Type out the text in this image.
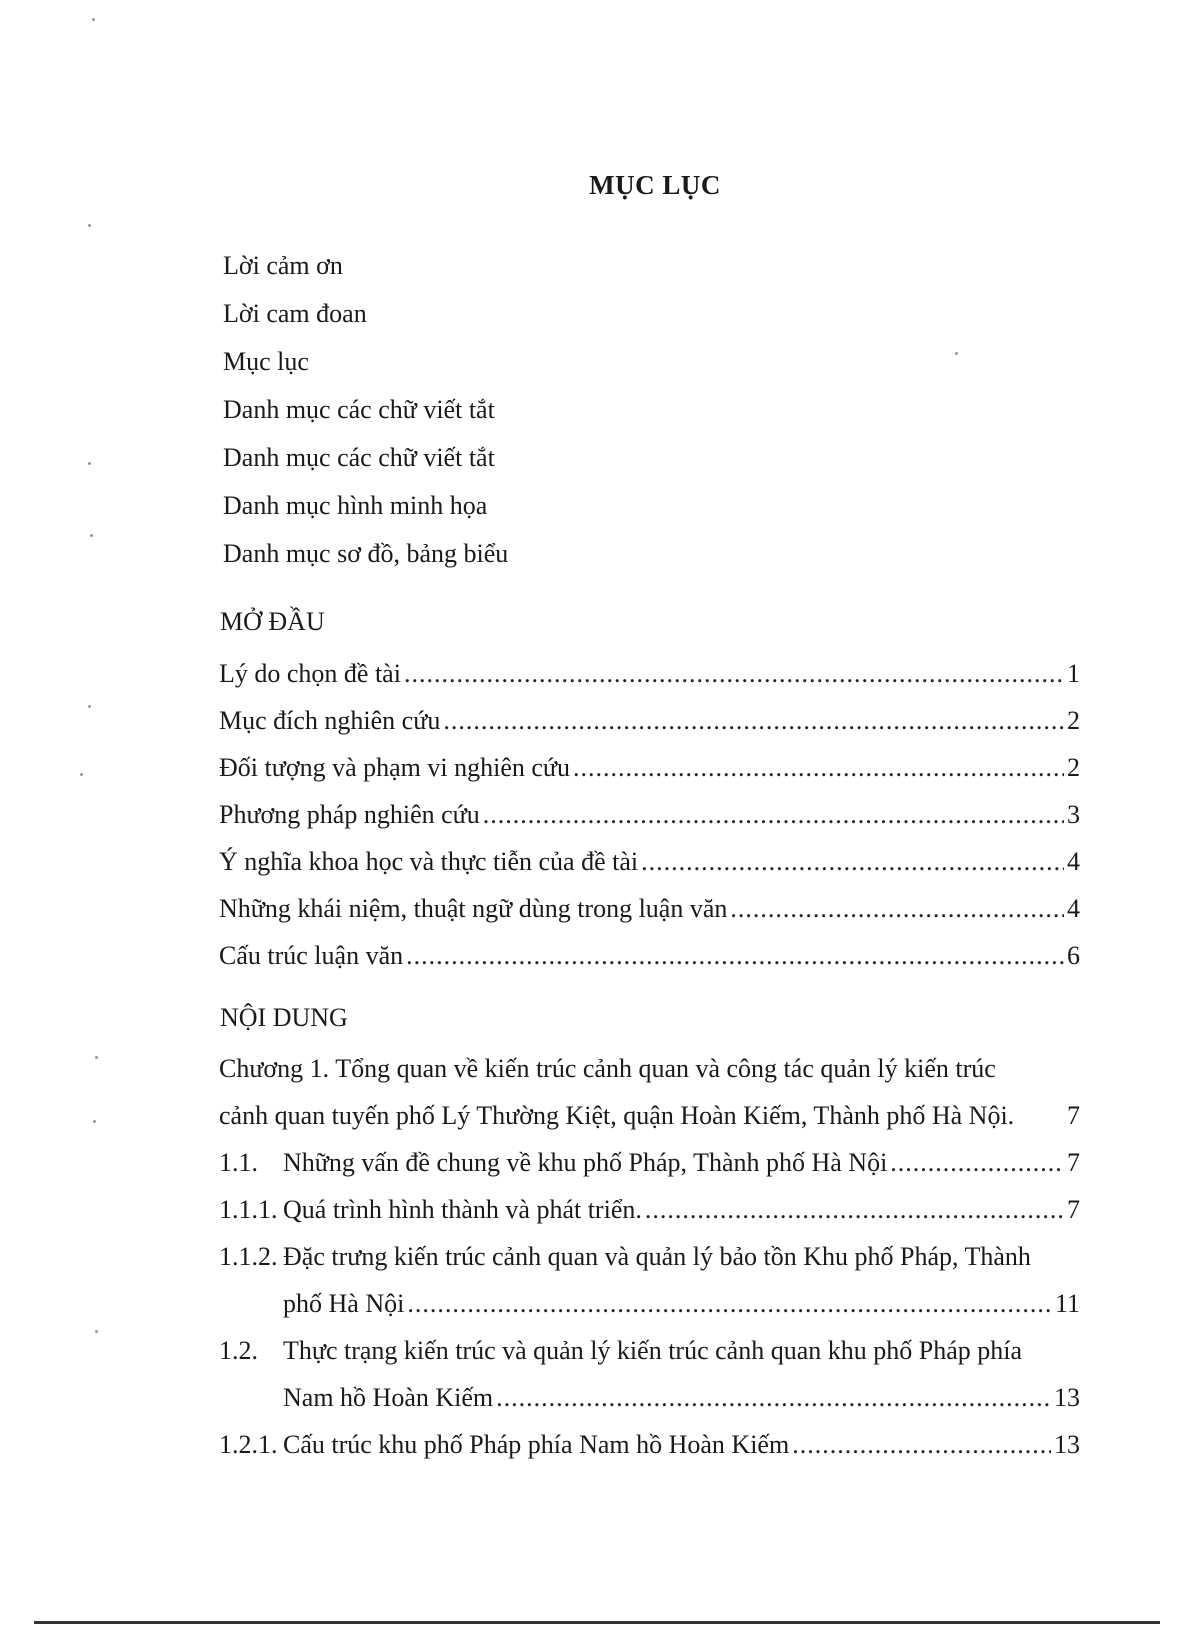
MỤC LỤC
Lời cảm ơn
Lời cam đoan
Mục lục
Danh mục các chữ viết tắt
Danh mục các chữ viết tắt
Danh mục hình minh họa
Danh mục sơ đồ, bảng biểu
MỞ ĐẦU
Lý do chọn đề tài .....	1
Mục đích nghiên cứu .....	2
Đối tượng và phạm vi nghiên cứu .....	2
Phương pháp nghiên cứu .....	3
Ý nghĩa khoa học và thực tiễn của đề tài .....	4
Những khái niệm, thuật ngữ dùng trong luận văn .....	4
Cấu trúc luận văn .....	6
NỘI DUNG
Chương 1. Tổng quan về kiến trúc cảnh quan và công tác quản lý kiến trúc
cảnh quan tuyến phố Lý Thường Kiệt, quận Hoàn Kiếm, Thành phố Hà Nội. 7
1.1. Những vấn đề chung về khu phố Pháp, Thành phố Hà Nội .....	7
1.1.1. Quá trình hình thành và phát triển. .....	7
1.1.2. Đặc trưng kiến trúc cảnh quan và quản lý bảo tồn Khu phố Pháp, Thành
phố Hà Nội .....	11
1.2. Thực trạng kiến trúc và quản lý kiến trúc cảnh quan khu phố Pháp phía
Nam hồ Hoàn Kiếm .....	13
1.2.1. Cấu trúc khu phố Pháp phía Nam hồ Hoàn Kiếm .....	13
